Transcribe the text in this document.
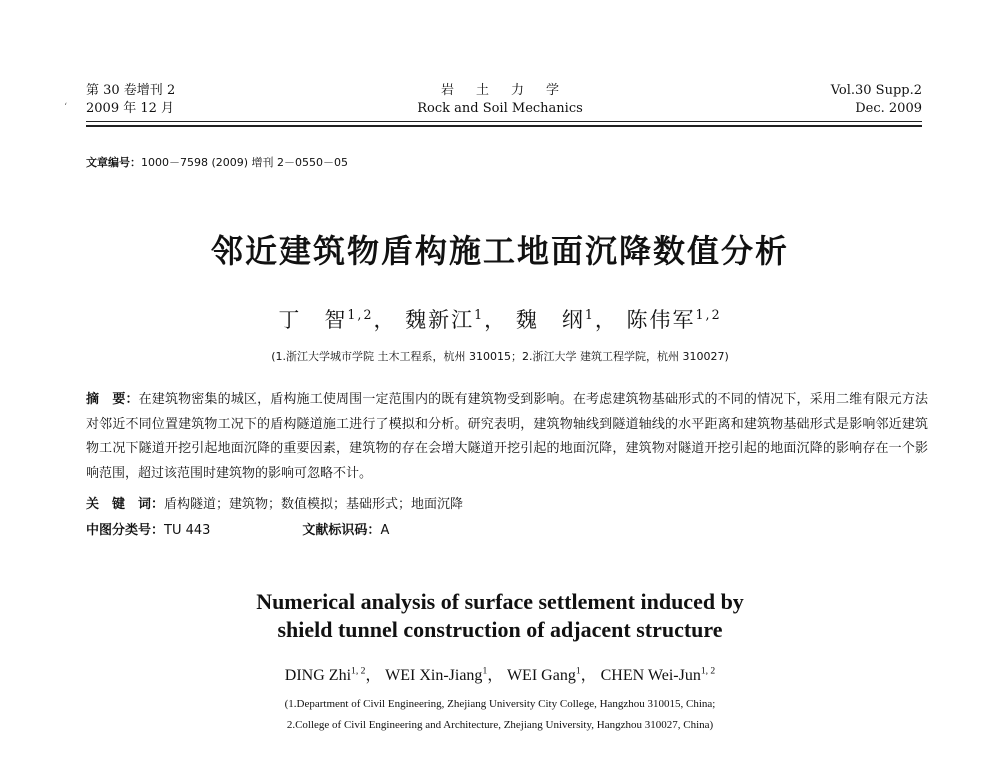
第 30 卷增刊 2
2009 年 12 月
‘
岩土力学
Rock and Soil Mechanics
Vol.30 Supp.2
Dec. 2009
文章编号：1000－7598 (2009) 增刊 2－0550－05
邻近建筑物盾构施工地面沉降数值分析
丁　智$^{1,2}$， 魏新江$^1$， 魏　纲$^1$， 陈伟军$^{1,2}$
(1.浙江大学城市学院 土木工程系，杭州 310015；2.浙江大学 建筑工程学院，杭州 310027)
摘　要：在建筑物密集的城区，盾构施工使周围一定范围内的既有建筑物受到影响。在考虑建筑物基础形式的不同的情况下，采用二维有限元方法对邻近不同位置建筑物工况下的盾构隧道施工进行了模拟和分析。研究表明，建筑物轴线到隧道轴线的水平距离和建筑物基础形式是影响邻近建筑物工况下隧道开挖引起地面沉降的重要因素，建筑物的存在会增大隧道开挖引起的地面沉降，建筑物对隧道开挖引起的地面沉降的影响存在一个影响范围，超过该范围时建筑物的影响可忽略不计。
关　键　词：盾构隧道；建筑物；数值模拟；基础形式；地面沉降
中图分类号：TU 443	文献标识码：A
Numerical analysis of surface settlement induced by
shield tunnel construction of adjacent structure
DING Zhi$^{1, 2}$， WEI Xin-Jiang$^1$， WEI Gang$^1$， CHEN Wei-Jun$^{1, 2}$
(1.Department of Civil Engineering, Zhejiang University City College, Hangzhou 310015, China;
2.College of Civil Engineering and Architecture, Zhejiang University, Hangzhou 310027, China)
